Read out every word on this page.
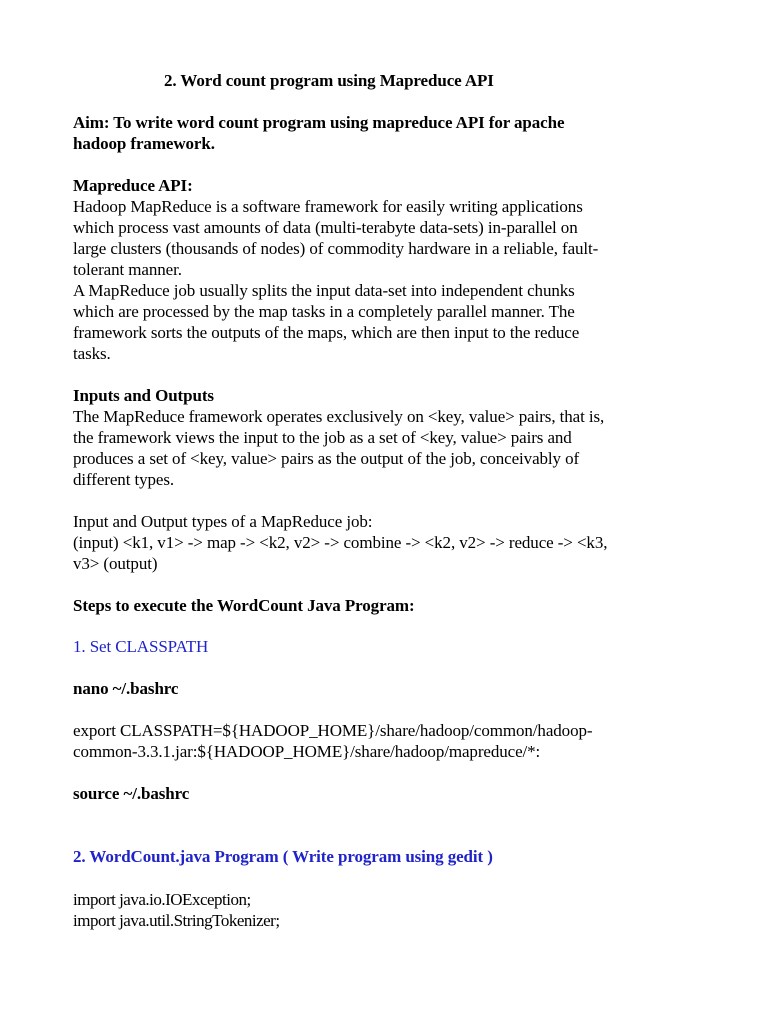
2. Word count program using Mapreduce API
Aim: To write word count program using mapreduce API for apache
hadoop framework.
Mapreduce API:
Hadoop MapReduce is a software framework for easily writing applications
which process vast amounts of data (multi-terabyte data-sets) in-parallel on
large clusters (thousands of nodes) of commodity hardware in a reliable, fault-
tolerant manner.
A MapReduce job usually splits the input data-set into independent chunks
which are processed by the map tasks in a completely parallel manner. The
framework sorts the outputs of the maps, which are then input to the reduce
tasks.
Inputs and Outputs
The MapReduce framework operates exclusively on <key, value> pairs, that is,
the framework views the input to the job as a set of <key, value> pairs and
produces a set of <key, value> pairs as the output of the job, conceivably of
different types.
Input and Output types of a MapReduce job:
(input) <k1, v1> -> map -> <k2, v2> -> combine -> <k2, v2> -> reduce -> <k3,
v3> (output)
Steps to execute the WordCount Java Program:
1. Set CLASSPATH
nano ~/.bashrc
export CLASSPATH=${HADOOP_HOME}/share/hadoop/common/hadoop-
common-3.3.1.jar:${HADOOP_HOME}/share/hadoop/mapreduce/*:
source ~/.bashrc
2. WordCount.java Program ( Write program using gedit )
import java.io.IOException;
import java.util.StringTokenizer;
